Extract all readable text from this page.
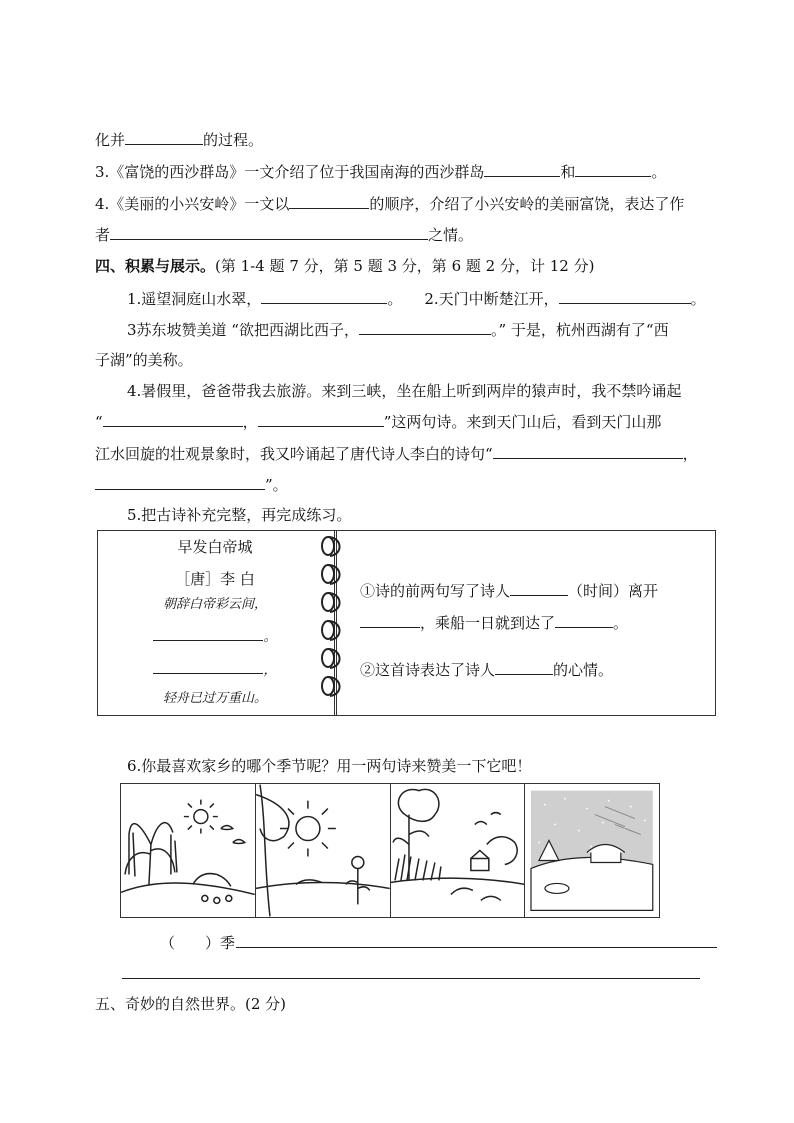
化并	的过程。
3.《富饶的西沙群岛》一文介绍了位于我国南海的西沙群岛	和	。
4.《美丽的小兴安岭》一文以	的顺序，介绍了小兴安岭的美丽富饶，表达了作
者	之情。
四、积累与展示。(第 1-4 题 7 分，第 5 题 3 分，第 6 题 2 分，计 12 分)
1.遥望洞庭山水翠，	。 2.天门中断楚江开，	。
3苏东坡赞美道 “欲把西湖比西子，	。” 于是，杭州西湖有了“西
子湖”的美称。
4.暑假里，爸爸带我去旅游。来到三峡，坐在船上听到两岸的猿声时，我不禁吟诵起
“	，	”这两句诗。来到天门山后，看到天门山那
江水回旋的壮观景象时，我又吟诵起了唐代诗人李白的诗句“	，
”。
5.把古诗补充完整，再完成练习。
早发白帝城
［唐］李 白
朝辞白帝彩云间，
。
，
轻舟已过万重山。
①诗的前两句写了诗人	（时间）离开
，乘船一日就到达了	。
②这首诗表达了诗人	的心情。
6.你最喜欢家乡的哪个季节呢？用一两句诗来赞美一下它吧！
（　　）季
五、奇妙的自然世界。(2 分)
